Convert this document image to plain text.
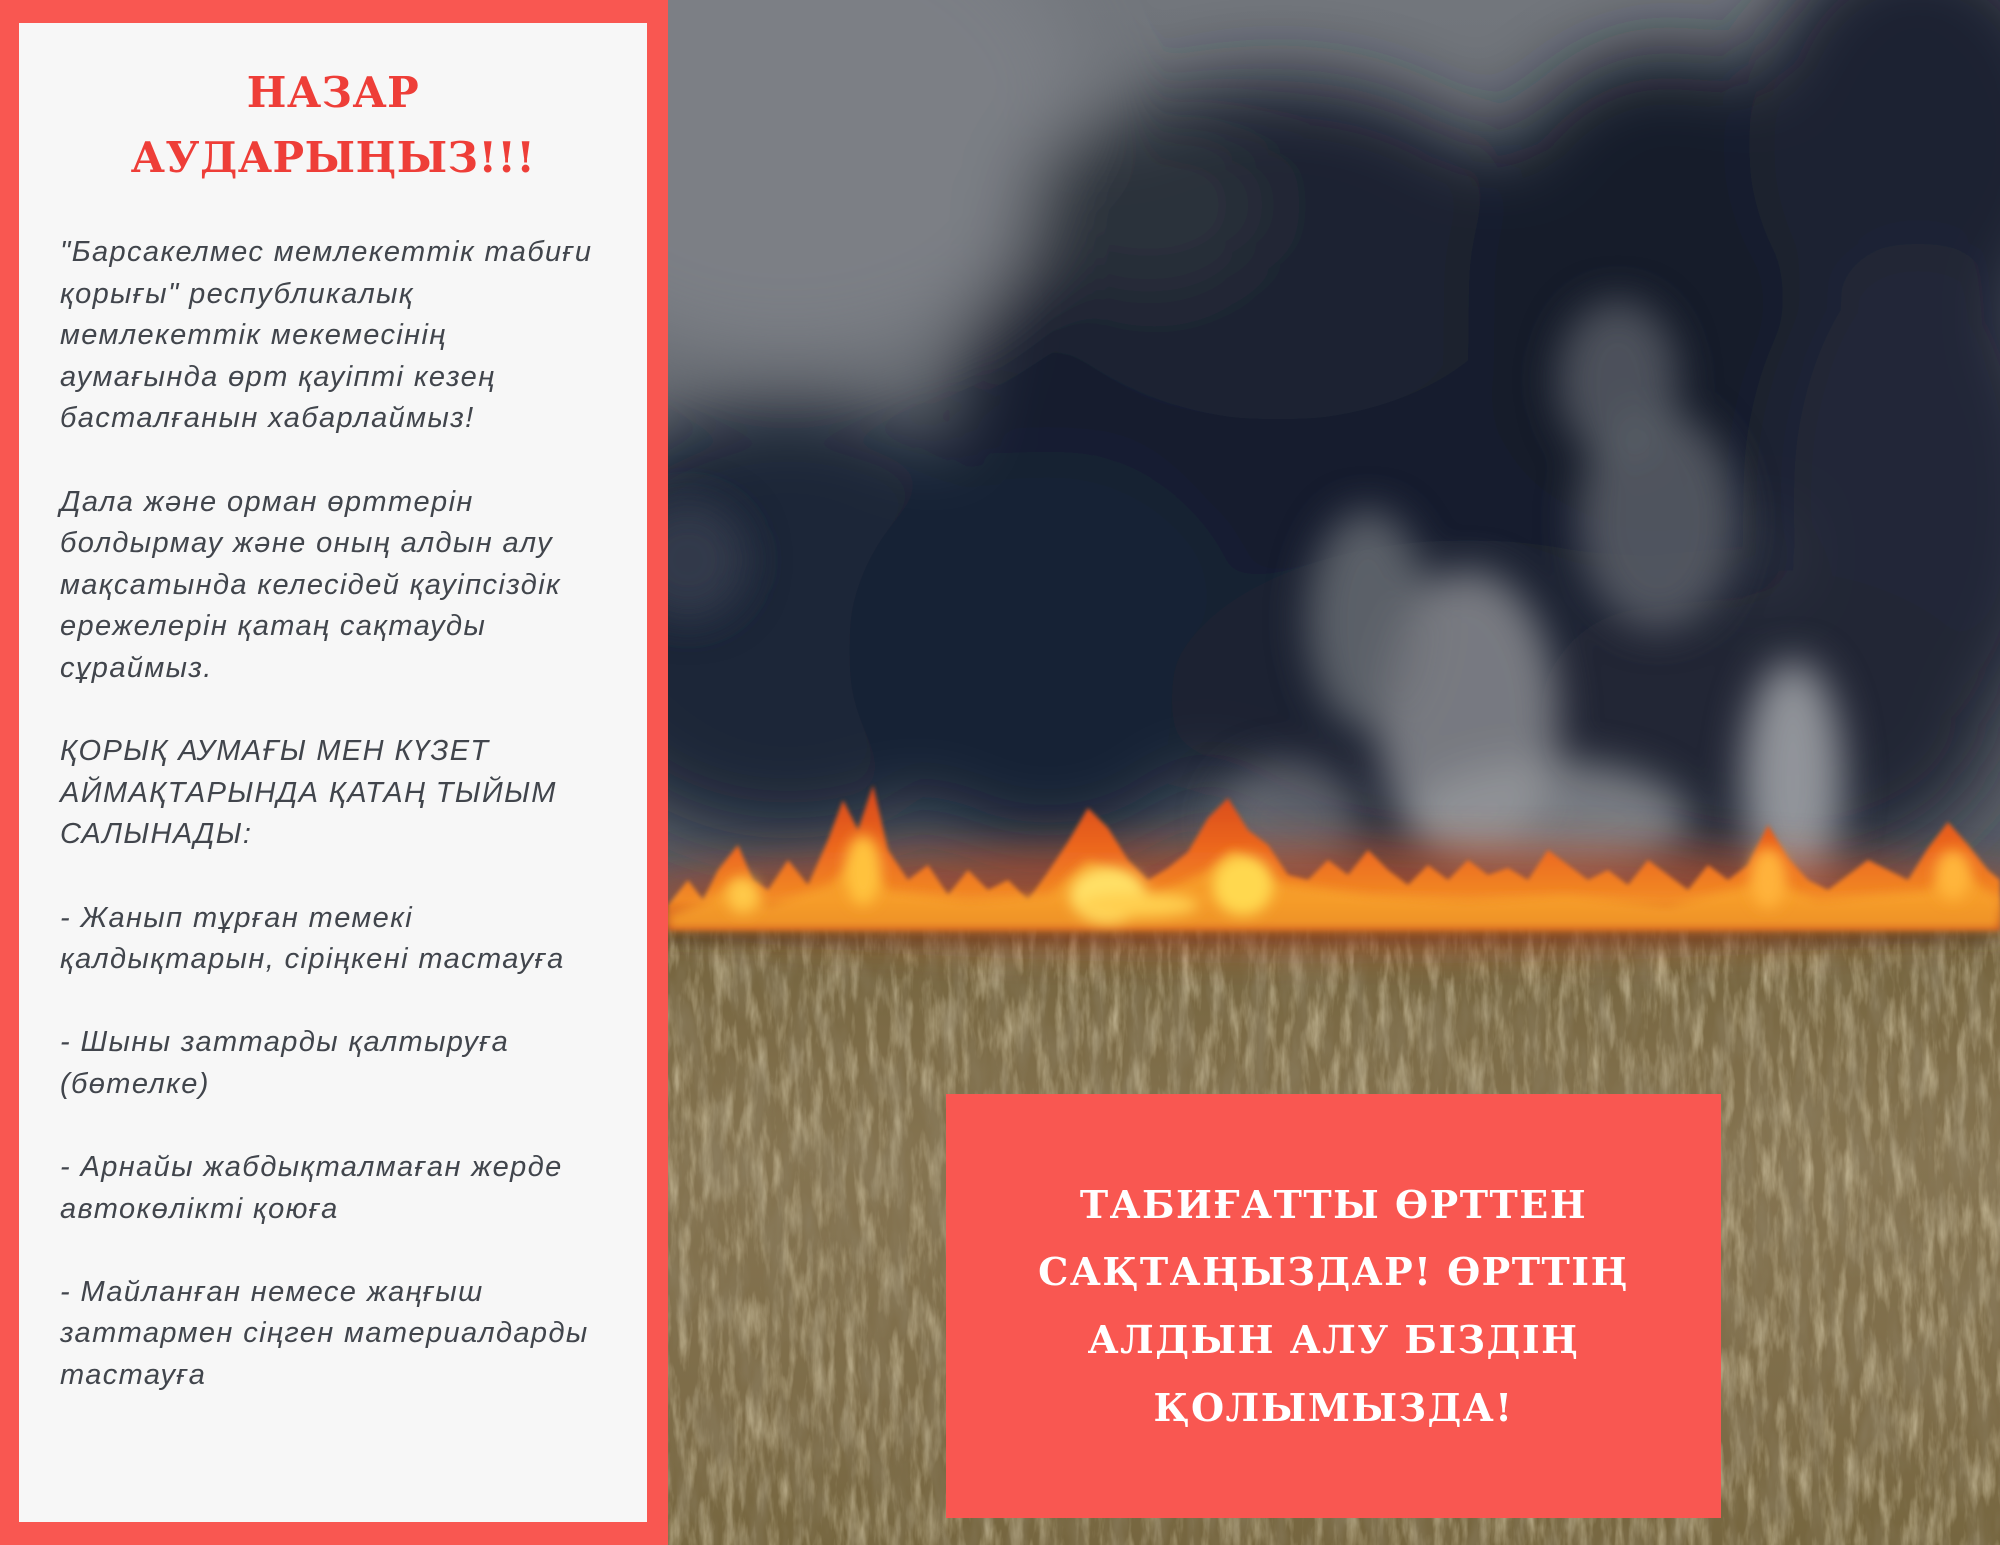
НАЗАР
АУДАРЫҢЫЗ!!!
"Барсакелмес мемлекеттік табиғи
қорығы" республикалық
мемлекеттік мекемесінің
аумағында өрт қауіпті кезең
басталғанын хабарлаймыз!
Дала және орман өрттерін
болдырмау және оның алдын алу
мақсатында келесідей қауіпсіздік
ережелерін қатаң сақтауды
сұраймыз.
ҚОРЫҚ АУМАҒЫ МЕН КҮЗЕТ
АЙМАҚТАРЫНДА ҚАТАҢ ТЫЙЫМ
САЛЫНАДЫ:
- Жанып тұрған темекі
қалдықтарын, сіріңкені тастауға
- Шыны заттарды қалтыруға
(бөтелке)
- Арнайы жабдықталмаған жерде
автокөлікті қоюға
- Майланған немесе жаңғыш
заттармен сіңген материалдарды
тастауға
ТАБИҒАТТЫ ӨРТТЕН
САҚТАҢЫЗДАР! ӨРТТІҢ
АЛДЫН АЛУ БІЗДІҢ
ҚОЛЫМЫЗДА!
